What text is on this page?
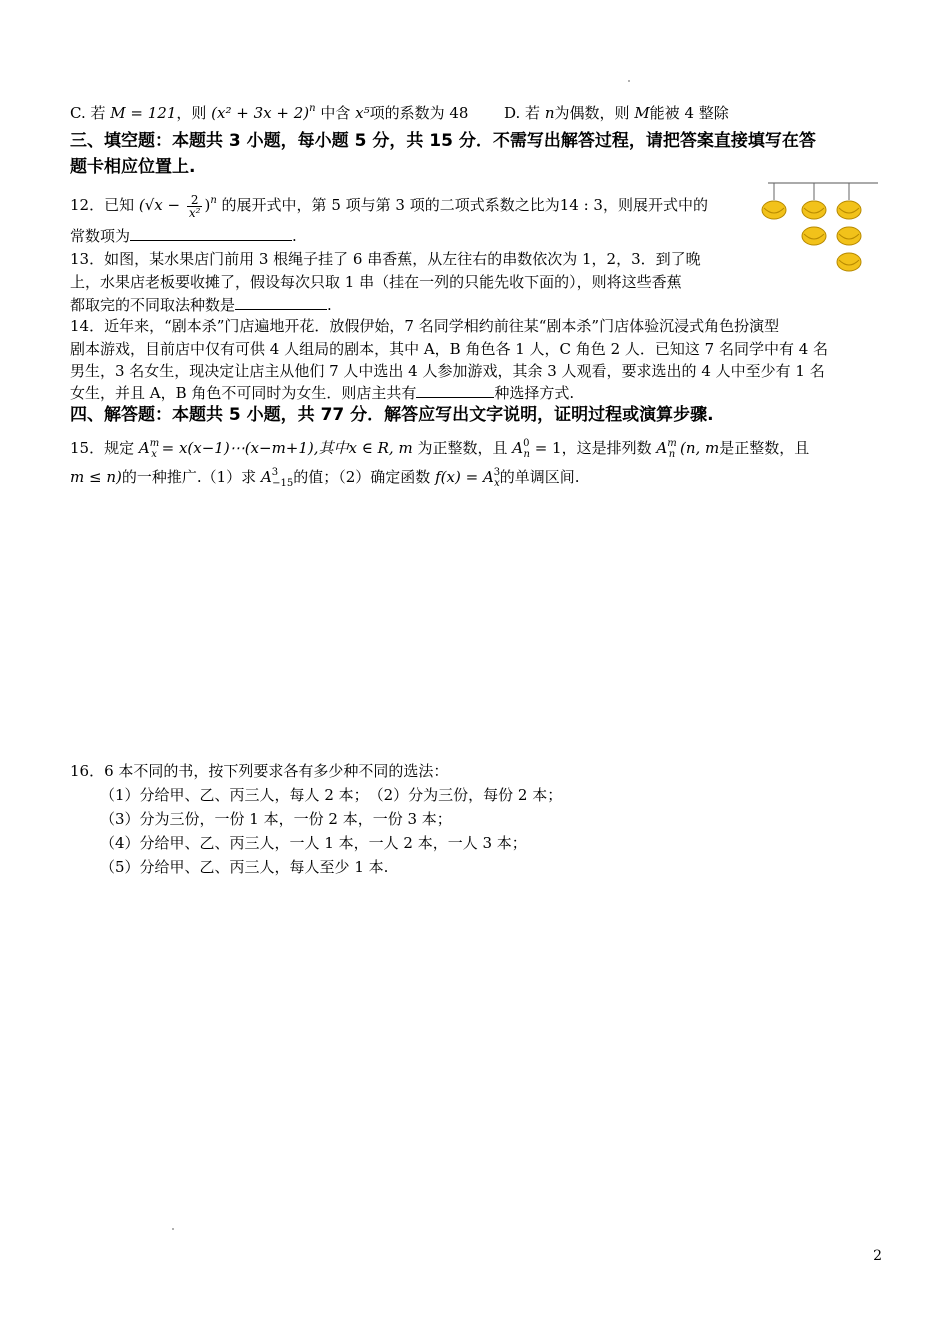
C. 若 M = 121，则 $(x^2 + 3x + 2)^n$ 中含 x⁵项的系数为 48 D. 若 n为偶数，则 M能被 4 整除
三、填空题：本题共 3 小题，每小题 5 分，共 15 分．不需写出解答过程，请把答案直接填写在答
题卡相应位置上.
12．已知 $(√x - \frac{2}{\text{x²}} )^n$ 的展开式中，第 5 项与第 3 项的二项式系数之比为14 : 3，则展开式中的
常数项为	.
13．如图，某水果店门前用 3 根绳子挂了 6 串香蕉，从左往右的串数依次为 1，2，3．到了晚
上，水果店老板要收摊了，假设每次只取 1 串（挂在一列的只能先收下面的），则将这些香蕉
都取完的不同取法种数是	.
14．近年来，“剧本杀”门店遍地开花．放假伊始，7 名同学相约前往某“剧本杀”门店体验沉浸式角色扮演型
剧本游戏，目前店中仅有可供 4 人组局的剧本，其中 A，B 角色各 1 人，C 角色 2 人．已知这 7 名同学中有 4 名
男生，3 名女生，现决定让店主从他们 7 人中选出 4 人参加游戏，其余 3 人观看，要求选出的 4 人中至少有 1 名
女生，并且 A，B 角色不可同时为女生．则店主共有	种选择方式.
四、解答题：本题共 5 小题，共 77 分．解答应写出文字说明，证明过程或演算步骤.
15．规定 $A^m_x$ = x(x−1)⋯(x−m+1),其中x ∈ R, m 为正整数，且 $A^0_n = 1$，这是排列数 $A^m_n$ (n, m是正整数，且
m ≤ n)的一种推广.（1）求 $A^3_{-15}$的值；（2）确定函数 $f(x) = A^3_x$的单调区间.
16．6 本不同的书，按下列要求各有多少种不同的选法：
（1）分给甲、乙、丙三人，每人 2 本；　（2）分为三份，每份 2 本；
（3）分为三份，一份 1 本，一份 2 本，一份 3 本；
（4）分给甲、乙、丙三人，一人 1 本，一人 2 本，一人 3 本；
（5）分给甲、乙、丙三人，每人至少 1 本.
2
